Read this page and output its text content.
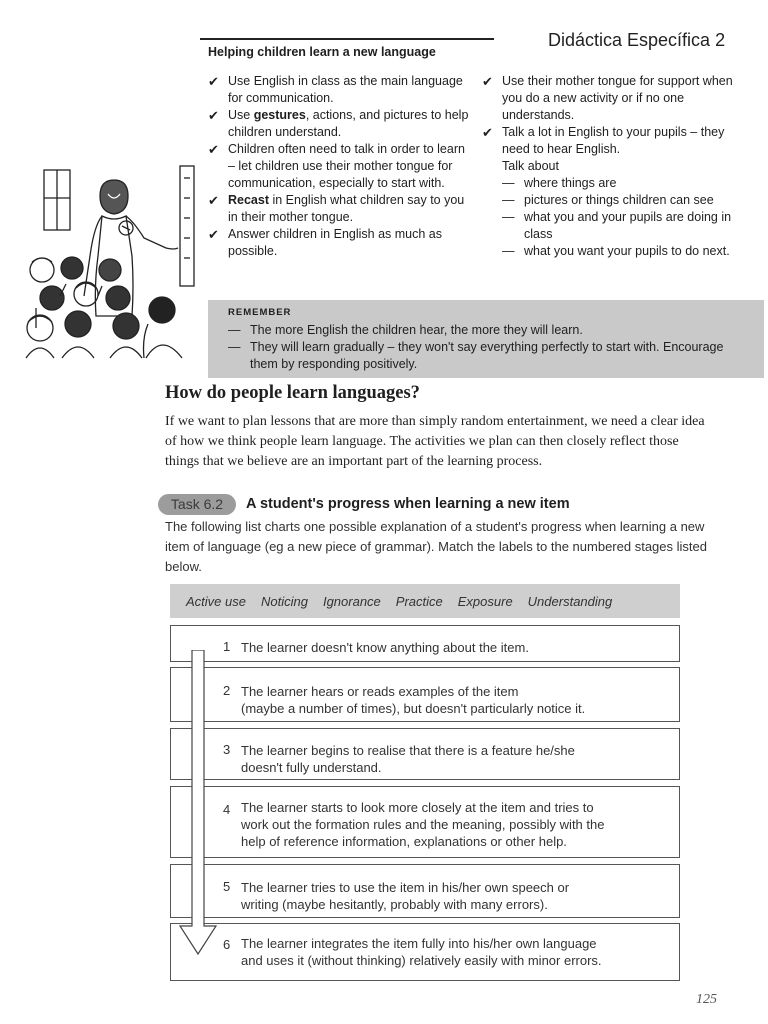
Didáctica Específica 2
Helping children learn a new language
✔ Use English in class as the main language for communication.
✔ Use gestures, actions, and pictures to help children understand.
✔ Children often need to talk in order to learn – let children use their mother tongue for communication, especially to start with.
✔ Recast in English what children say to you in their mother tongue.
✔ Answer children in English as much as possible.
✔ Use their mother tongue for support when you do a new activity or if no one understands.
✔ Talk a lot in English to your pupils – they need to hear English.
Talk about
— where things are
— pictures or things children can see
— what you and your pupils are doing in class
— what you want your pupils to do next.
REMEMBER
— The more English the children hear, the more they will learn.
— They will learn gradually – they won't say everything perfectly to start with. Encourage them by responding positively.
How do people learn languages?

If we want to plan lessons that are more than simply random entertainment, we need a clear idea of how we think people learn language. The activities we plan can then closely reflect those things that we believe are an important part of the learning process.

Task 6.2	A student's progress when learning a new item

The following list charts one possible explanation of a student's progress when learning a new item of language (eg a new piece of grammar). Match the labels to the numbered stages listed below.

Active use Noticing Ignorance Practice Exposure Understanding
1 The learner doesn't know anything about the item.
2 The learner hears or reads examples of the item
(maybe a number of times), but doesn't particularly notice it.
3 The learner begins to realise that there is a feature he/she
doesn't fully understand.
4 The learner starts to look more closely at the item and tries to
work out the formation rules and the meaning, possibly with the
help of reference information, explanations or other help.
5 The learner tries to use the item in his/her own speech or
writing (maybe hesitantly, probably with many errors).
6 The learner integrates the item fully into his/her own language
and uses it (without thinking) relatively easily with minor errors.
125
